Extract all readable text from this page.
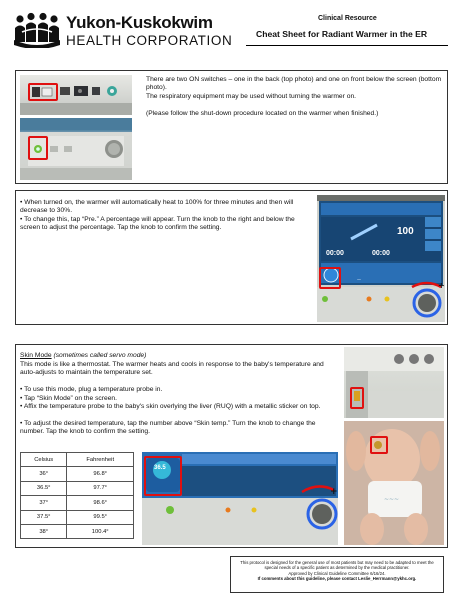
Yukon-Kuskokwim
HEALTH CORPORATION
Clinical Resource
Cheat Sheet for Radiant Warmer in the ER
There are two ON switches – one in the back (top photo) and one on front below the screen (bottom photo).
The respiratory equipment may be used without turning the warmer on.
(Please follow the shut-down procedure located on the warmer when finished.)
• When turned on, the warmer will automatically heat to 100% for three minutes and then will decrease to 30%.
• To change this, tap “Pre.” A percentage will appear. Turn the knob to the right and below the screen to adjust the percentage. Tap the knob to confirm the setting.
+
—
100
00:00	00:00
Skin Mode (sometimes called servo mode)
This mode is like a thermostat. The warmer heats and cools in response to the baby's temperature and auto-adjusts to maintain the temperature set.
• To use this mode, plug a temperature probe in.
• Tap “Skin Mode” on the screen.
• Affix the temperature probe to the baby's skin overlying the liver (RUQ) with a metallic sticker on top.
• To adjust the desired temperature, tap the number above “Skin temp.” Turn the knob to change the number. Tap the knob to confirm the setting.
~~~
+
36.5
Celsius	Fahrenheit
36°	96.8°
36.5°	97.7°
37°	98.6°
37.5°	99.5°
38°	100.4°
This protocol is designed for the general use of most patients but may need to be adapted to meet the special needs of a specific patient as determined by the medical practitioner.
Approved by Clinical Guideline Committee 6/16/24.
If comments about this guideline, please contact Leslie_Herrmann@ykhc.org.
